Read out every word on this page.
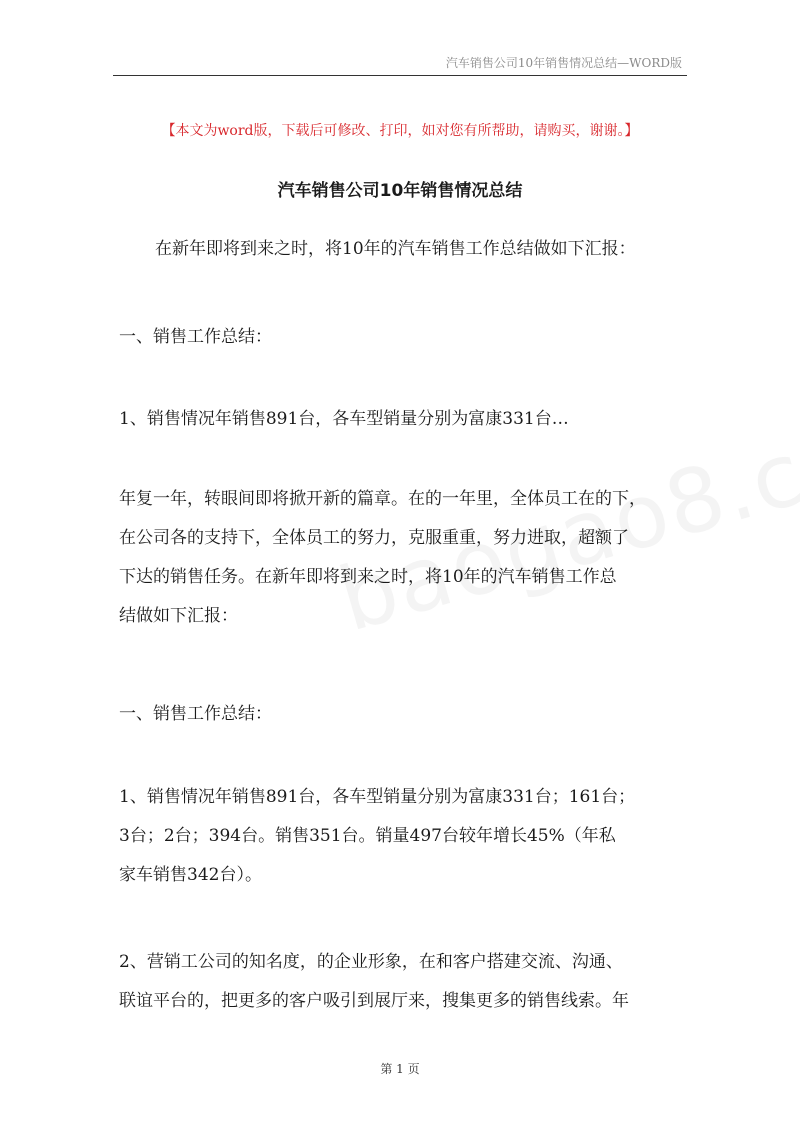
汽车销售公司10年销售情况总结—WORD版
【本文为word版，下载后可修改、打印，如对您有所帮助，请购买，谢谢。】
汽车销售公司10年销售情况总结
在新年即将到来之时，将10年的汽车销售工作总结做如下汇报：
一、销售工作总结：
1、销售情况年销售891台，各车型销量分别为富康331台…
年复一年，转眼间即将掀开新的篇章。在的一年里，全体员工在的下，
在公司各的支持下，全体员工的努力，克服重重，努力进取，超额了
下达的销售任务。在新年即将到来之时，将10年的汽车销售工作总
结做如下汇报：
一、销售工作总结：
1、销售情况年销售891台，各车型销量分别为富康331台；161台；
3台；2台；394台。销售351台。销量497台较年增长45%（年私
家车销售342台）。
2、营销工公司的知名度，的企业形象，在和客户搭建交流、沟通、
联谊平台的，把更多的客户吸引到展厅来，搜集更多的销售线索。年
第 1 页
